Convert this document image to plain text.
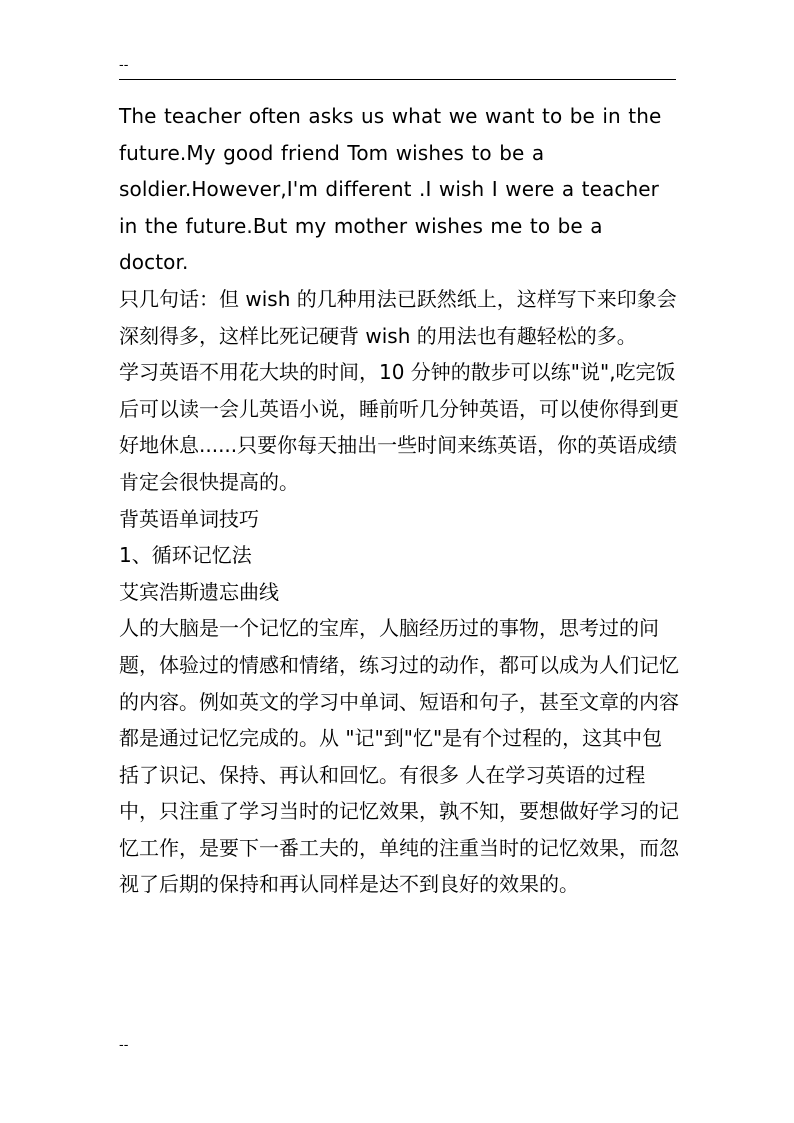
--

The teacher often asks us what we want to be in the future.My good friend Tom wishes to be a soldier.However,I'm different .I wish I were a teacher in the future.But my mother wishes me to be a doctor.

只几句话：但 wish 的几种用法已跃然纸上，这样写下来印象会深刻得多，这样比死记硬背 wish 的用法也有趣轻松的多。

学习英语不用花大块的时间，10 分钟的散步可以练"说",吃完饭后可以读一会儿英语小说，睡前听几分钟英语，可以使你得到更好地休息......只要你每天抽出一些时间来练英语，你的英语成绩肯定会很快提高的。

背英语单词技巧

1、循环记忆法

艾宾浩斯遗忘曲线

人的大脑是一个记忆的宝库，人脑经历过的事物，思考过的问题，体验过的情感和情绪，练习过的动作，都可以成为人们记忆的内容。例如英文的学习中单词、短语和句子，甚至文章的内容都是通过记忆完成的。从 "记"到"忆"是有个过程的，这其中包括了识记、保持、再认和回忆。有很多 人在学习英语的过程中，只注重了学习当时的记忆效果，孰不知，要想做好学习的记忆工作，是要下一番工夫的，单纯的注重当时的记忆效果，而忽视了后期的保持和再认同样是达不到良好的效果的。

--
